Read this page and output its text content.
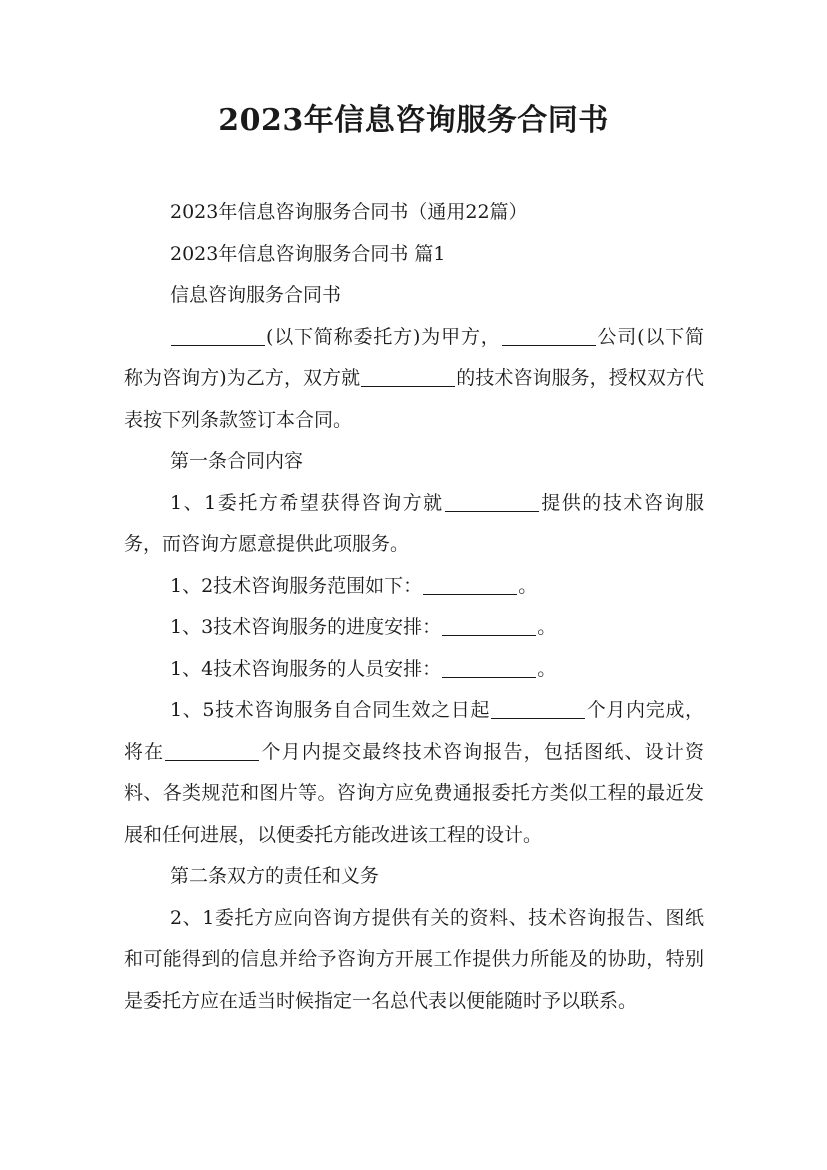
2023年信息咨询服务合同书

2023年信息咨询服务合同书（通用22篇）

2023年信息咨询服务合同书 篇1

信息咨询服务合同书

(以下简称委托方)为甲方，	公司(以下简称为咨询方)为乙方，双方就	的技术咨询服务，授权双方代表按下列条款签订本合同。

第一条合同内容

1、1委托方希望获得咨询方就	提供的技术咨询服务，而咨询方愿意提供此项服务。

1、2技术咨询服务范围如下：	。

1、3技术咨询服务的进度安排：	。

1、4技术咨询服务的人员安排：	。

1、5技术咨询服务自合同生效之日起	个月内完成，将在	个月内提交最终技术咨询报告，包括图纸、设计资料、各类规范和图片等。咨询方应免费通报委托方类似工程的最近发展和任何进展，以便委托方能改进该工程的设计。

第二条双方的责任和义务

2、1委托方应向咨询方提供有关的资料、技术咨询报告、图纸和可能得到的信息并给予咨询方开展工作提供力所能及的协助，特别是委托方应在适当时候指定一名总代表以便能随时予以联系。
